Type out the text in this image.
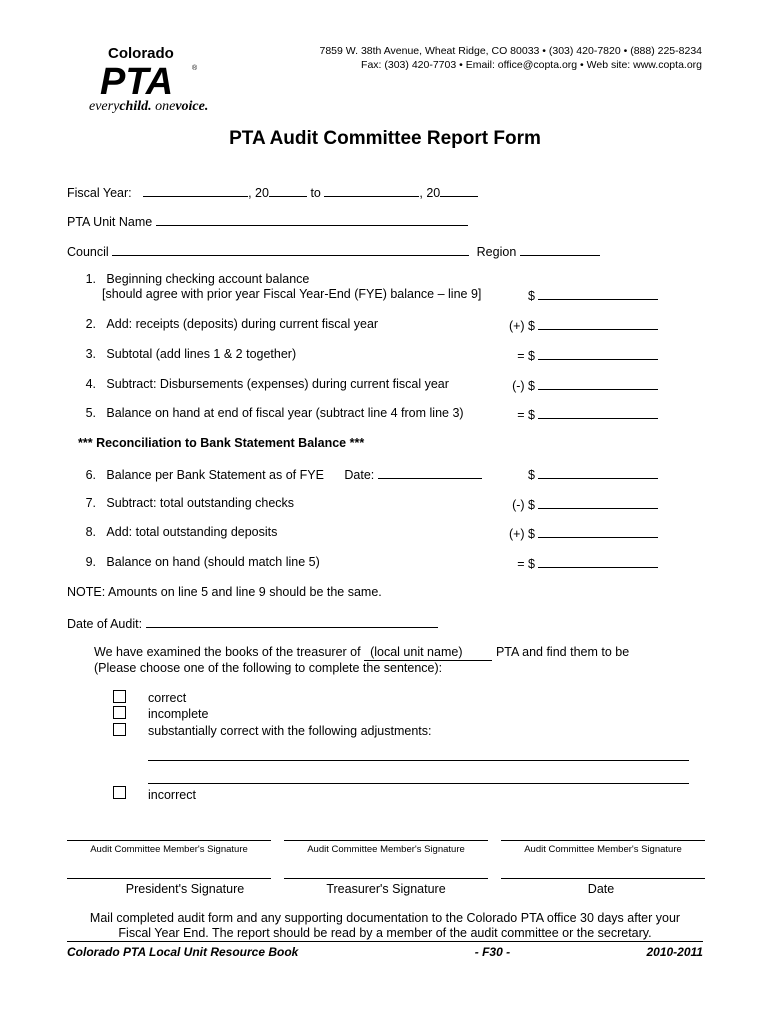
Colorado
PTA	®
everychild. onevoice.
7859 W. 38th Avenue, Wheat Ridge, CO 80033 • (303) 420-7820 • (888) 225-8234
Fax: (303) 420-7703 • Email: office@copta.org • Web site: www.copta.org
PTA Audit Committee Report Form
Fiscal Year:	, 20	to	, 20
PTA Unit Name
Council	Region
1. Beginning checking account balance
[should agree with prior year Fiscal Year-End (FYE) balance – line 9]	$
2. Add: receipts (deposits) during current fiscal year	(+) $
3. Subtotal (add lines 1 & 2 together)	= $
4. Subtract: Disbursements (expenses) during current fiscal year	(-) $
5. Balance on hand at end of fiscal year (subtract line 4 from line 3)	= $
*** Reconciliation to Bank Statement Balance ***
6. Balance per Bank Statement as of FYE Date:	$
7. Subtract: total outstanding checks	(-) $
8. Add: total outstanding deposits	(+) $
9. Balance on hand (should match line 5)	= $
NOTE: Amounts on line 5 and line 9 should be the same.
Date of Audit:
We have examined the books of the treasurer of (local unit name)	PTA and find them to be
(Please choose one of the following to complete the sentence):
correct
incomplete
substantially correct with the following adjustments:
incorrect
Audit Committee Member's Signature	Audit Committee Member's Signature	Audit Committee Member's Signature
President's Signature	Treasurer's Signature	Date
Mail completed audit form and any supporting documentation to the Colorado PTA office 30 days after your
Fiscal Year End. The report should be read by a member of the audit committee or the secretary.
Colorado PTA Local Unit Resource Book	- F30 -	2010-2011
